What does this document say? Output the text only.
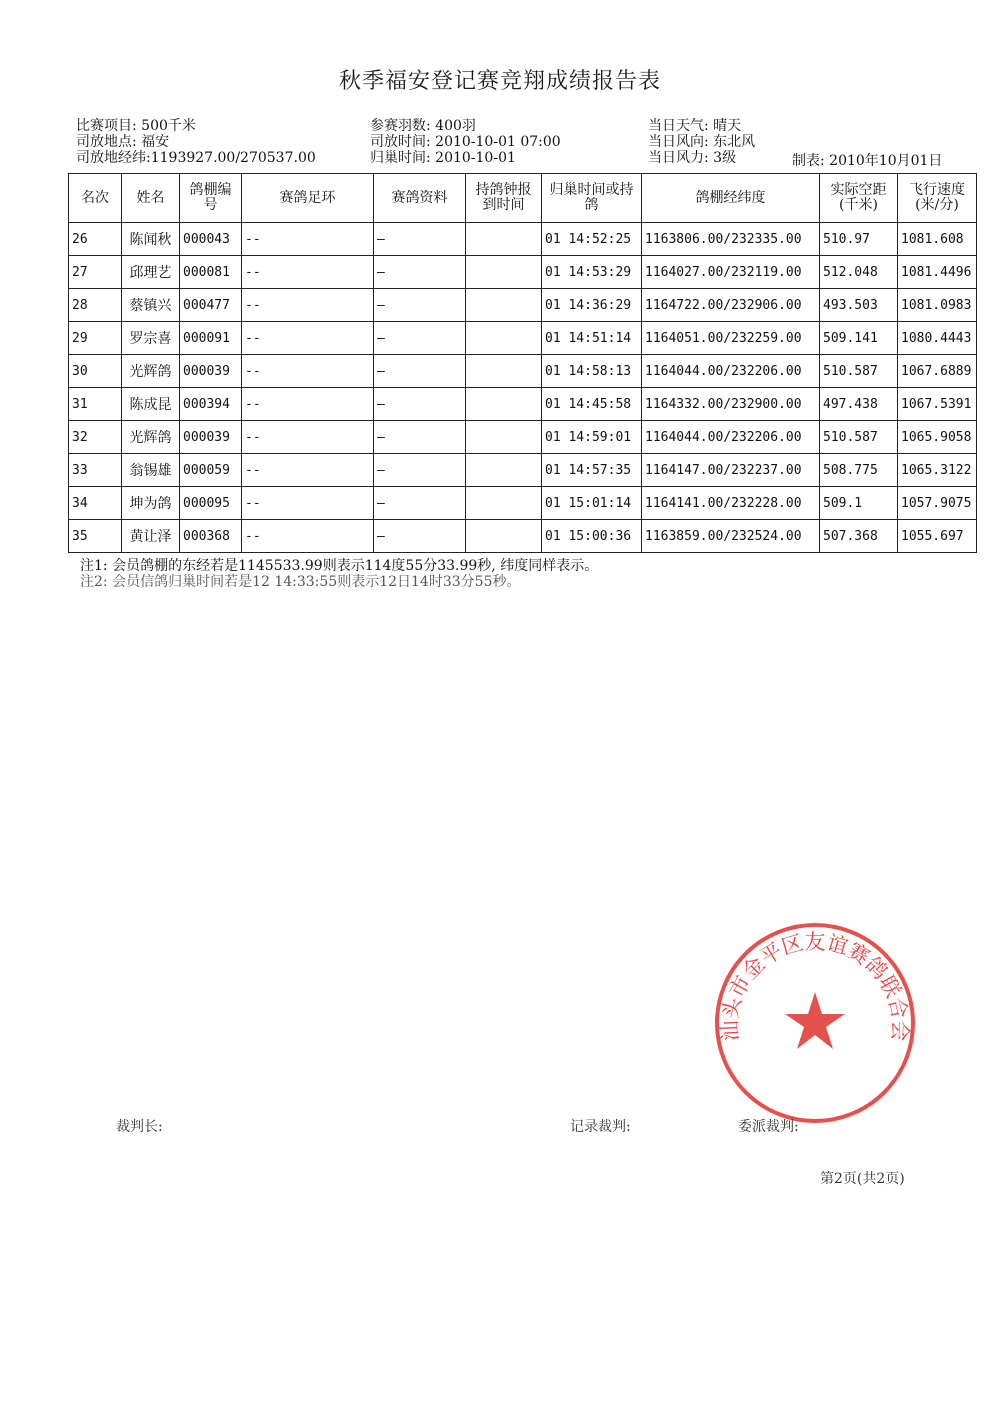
秋季福安登记赛竞翔成绩报告表
比赛项目: 500千米
司放地点: 福安
司放地经纬:1193927.00/270537.00
参赛羽数: 400羽
司放时间: 2010-10-01 07:00
归巢时间: 2010-10-01
当日天气: 晴天
当日风向: 东北风
当日风力: 3级	制表: 2010年10月01日
名次	姓名	鸽棚编号	赛鸽足环	赛鸽资料	持鸽钟报到时间	归巢时间或持鸽	鸽棚经纬度	实际空距(千米)	飞行速度(米/分)
26	陈闻秋	000043	--	—		01 14:52:25	1163806.00/232335.00	510.97	1081.608
27	邱理艺	000081	--	—		01 14:53:29	1164027.00/232119.00	512.048	1081.4496
28	蔡镇兴	000477	--	—		01 14:36:29	1164722.00/232906.00	493.503	1081.0983
29	罗宗喜	000091	--	—		01 14:51:14	1164051.00/232259.00	509.141	1080.4443
30	光辉鸽	000039	--	—		01 14:58:13	1164044.00/232206.00	510.587	1067.6889
31	陈成昆	000394	--	—		01 14:45:58	1164332.00/232900.00	497.438	1067.5391
32	光辉鸽	000039	--	—		01 14:59:01	1164044.00/232206.00	510.587	1065.9058
33	翁锡雄	000059	--	—		01 14:57:35	1164147.00/232237.00	508.775	1065.3122
34	坤为鸽	000095	--	—		01 15:01:14	1164141.00/232228.00	509.1	1057.9075
35	黄让泽	000368	--	—		01 15:00:36	1163859.00/232524.00	507.368	1055.697
注1: 会员鸽棚的东经若是1145533.99则表示114度55分33.99秒, 纬度同样表示。
注2: 会员信鸽归巢时间若是12 14:33:55则表示12日14时33分55秒。
汕头市金平区友谊赛鸽联合会
裁判长:	记录裁判:	委派裁判:
第2页(共2页)
